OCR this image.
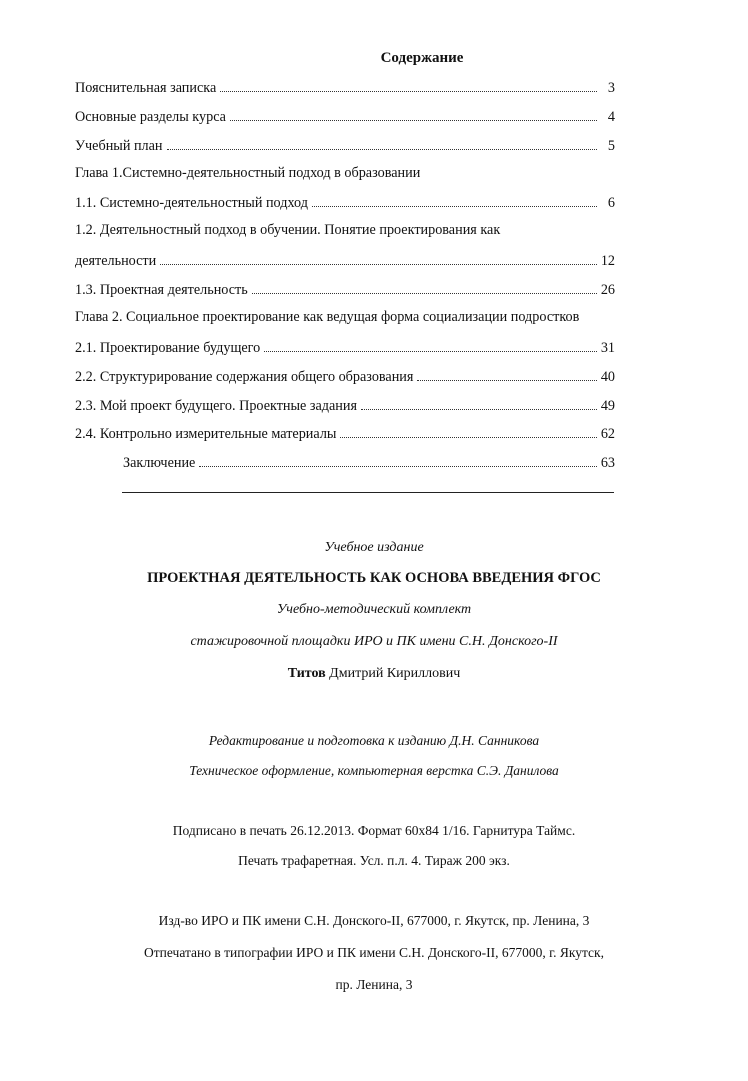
Содержание
Пояснительная записка	3
Основные разделы курса	4
Учебный план	5
Глава 1.Системно-деятельностный подход в образовании
1.1. Системно-деятельностный подход	6
1.2. Деятельностный подход в обучении. Понятие проектирования как
деятельности	12
1.3. Проектная деятельность	26
Глава 2. Социальное проектирование как ведущая форма социализации подростков
2.1. Проектирование будущего	31
2.2. Структурирование содержания общего образования	40
2.3. Мой проект будущего. Проектные задания	49
2.4. Контрольно измерительные материалы	62
Заключение	63
Учебное издание
ПРОЕКТНАЯ ДЕЯТЕЛЬНОСТЬ КАК ОСНОВА ВВЕДЕНИЯ ФГОС
Учебно-методический комплект
стажировочной площадки ИРО и ПК имени С.Н. Донского-II
Титов Дмитрий Кириллович
Редактирование и подготовка к изданию Д.Н. Санникова
Техническое оформление, компьютерная верстка С.Э. Данилова
Подписано в печать 26.12.2013. Формат 60х84 1/16. Гарнитура Таймс.
Печать трафаретная. Усл. п.л. 4. Тираж 200 экз.
Изд-во ИРО и ПК имени С.Н. Донского-II, 677000, г. Якутск, пр. Ленина, 3
Отпечатано в типографии ИРО и ПК имени С.Н. Донского-II, 677000, г. Якутск,
пр. Ленина, 3
